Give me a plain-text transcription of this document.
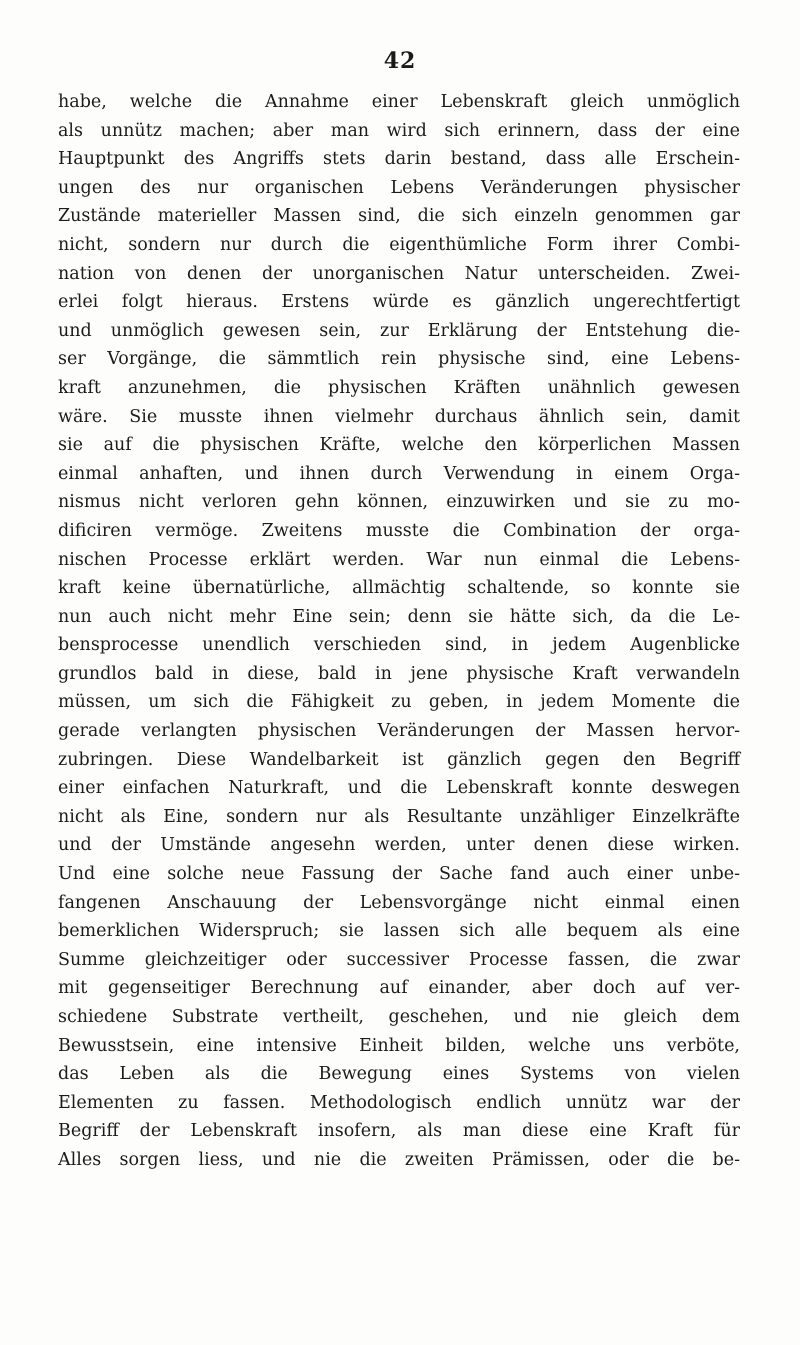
42
habe, welche die Annahme einer Lebenskraft gleich unmöglich
als unnütz machen; aber man wird sich erinnern, dass der eine
Hauptpunkt des Angriffs stets darin bestand, dass alle Erschein-
ungen des nur organischen Lebens Veränderungen physischer
Zustände materieller Massen sind, die sich einzeln genommen gar
nicht, sondern nur durch die eigenthümliche Form ihrer Combi-
nation von denen der unorganischen Natur unterscheiden. Zwei-
erlei folgt hieraus. Erstens würde es gänzlich ungerechtfertigt
und unmöglich gewesen sein, zur Erklärung der Entstehung die-
ser Vorgänge, die sämmtlich rein physische sind, eine Lebens-
kraft anzunehmen, die physischen Kräften unähnlich gewesen
wäre. Sie musste ihnen vielmehr durchaus ähnlich sein, damit
sie auf die physischen Kräfte, welche den körperlichen Massen
einmal anhaften, und ihnen durch Verwendung in einem Orga-
nismus nicht verloren gehn können, einzuwirken und sie zu mo-
dificiren vermöge. Zweitens musste die Combination der orga-
nischen Processe erklärt werden. War nun einmal die Lebens-
kraft keine übernatürliche, allmächtig schaltende, so konnte sie
nun auch nicht mehr Eine sein; denn sie hätte sich, da die Le-
bensprocesse unendlich verschieden sind, in jedem Augenblicke
grundlos bald in diese, bald in jene physische Kraft verwandeln
müssen, um sich die Fähigkeit zu geben, in jedem Momente die
gerade verlangten physischen Veränderungen der Massen hervor-
zubringen. Diese Wandelbarkeit ist gänzlich gegen den Begriff
einer einfachen Naturkraft, und die Lebenskraft konnte deswegen
nicht als Eine, sondern nur als Resultante unzähliger Einzelkräfte
und der Umstände angesehn werden, unter denen diese wirken.
Und eine solche neue Fassung der Sache fand auch einer unbe-
fangenen Anschauung der Lebensvorgänge nicht einmal einen
bemerklichen Widerspruch; sie lassen sich alle bequem als eine
Summe gleichzeitiger oder successiver Processe fassen, die zwar
mit gegenseitiger Berechnung auf einander, aber doch auf ver-
schiedene Substrate vertheilt, geschehen, und nie gleich dem
Bewusstsein, eine intensive Einheit bilden, welche uns verböte,
das Leben als die Bewegung eines Systems von vielen
Elementen zu fassen. Methodologisch endlich unnütz war der
Begriff der Lebenskraft insofern, als man diese eine Kraft für
Alles sorgen liess, und nie die zweiten Prämissen, oder die be-
